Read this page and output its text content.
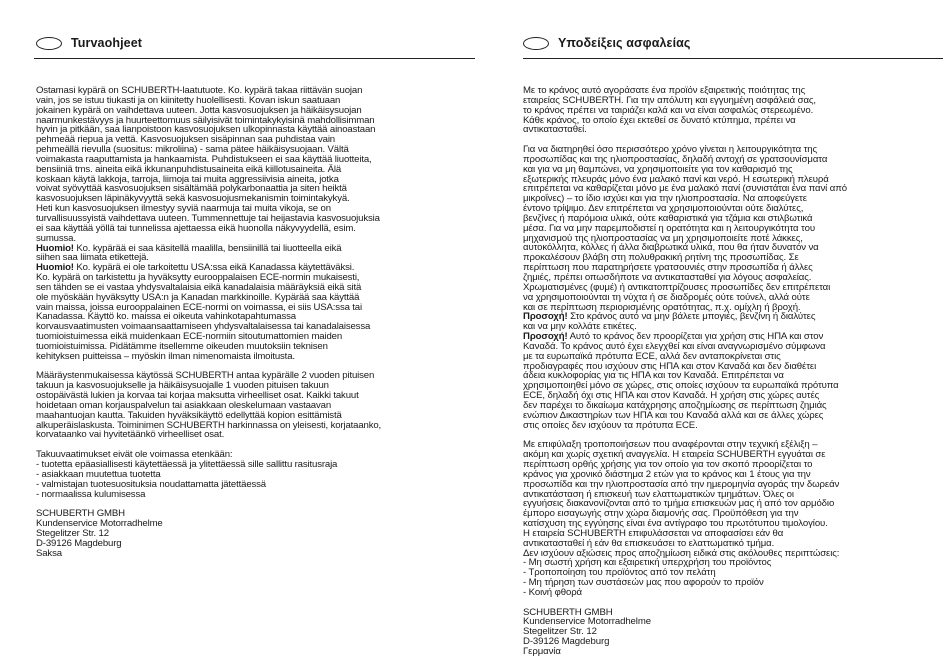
Turvaohjeet
Ostamasi kypärä on SCHUBERTH-laatutuote. Ko. kypärä takaa riittävän suojan
vain, jos se istuu tiukasti ja on kiinitetty huolellisesti. Kovan iskun saatuaan
jokainen kypärä on vaihdettava uuteen. Jotta kasvosuojuksen ja häikäisysuojan
naarmunkestävyys ja huurteettomuus säilyisivät toimintakykyisinä mahdollisimman
hyvin ja pitkään, saa lianpoistoon kasvosuojuksen ulkopinnasta käyttää ainoastaan
pehmeää riepua ja vettä. Kasvosuojuksen sisäpinnan saa puhdistaa vain
pehmeällä rievulla (suositus: mikroliina) - sama pätee häikäisysuojaan. Vältä
voimakasta raaputtamista ja hankaamista. Puhdistukseen ei saa käyttää liuotteita,
bensiiniä tms. aineita eikä ikkunanpuhdistusaineita eikä kiillotusaineita. Älä
koskaan käytä lakkoja, tarroja, liimoja tai muita aggressiivisia aineita, jotka
voivat syövyttää kasvosuojuksen sisältämää polykarbonaattia ja siten heiktä
kasvosuojuksen läpinäkyvyyttä sekä kasvosuojusmekanismin toimintakykyä.
Heti kun kasvosuojuksen ilmestyy syviä naarmuja tai muita vikoja, se on
turvallisuussyistä vaihdettava uuteen. Tummennettuje tai heijastavia kasvosuojuksia
ei saa käyttää yöllä tai tunnelissa ajettaessa eikä huonolla näkyvyydellä, esim.
sumussa.
Huomio! Ko. kypärää ei saa käsitellä maalilla, bensiinillä tai liuotteella eikä
siihen saa liimata etikettejä.
Huomio! Ko. kypärä ei ole tarkoitettu USA:ssa eikä Kanadassa käytettäväksi.
Ko. kypärä on tarkistettu ja hyväksytty eurooppalaisen ECE-normin mukaisesti,
sen tähden se ei vastaa yhdysvaltalaisia eikä kanadalaisia määräyksiä eikä sitä
ole myöskään hyväksytty USA:n ja Kanadan markkinoille. Kypärää saa käyttää
vain maissa, joissa eurooppalainen ECE-normi on voimassa, ei siis USA:ssa tai
Kanadassa. Käyttö ko. maissa ei oikeuta vahinkotapahtumassa
korvausvaatimusten voimaansaattamiseen yhdysvaltalaisessa tai kanadalaisessa
tuomioistuimessa eikä muidenkaan ECE-normiin sitoutumattomien maiden
tuomioistuimissa. Pidätämme itsellemme oikeuden muutoksiin teknisen
kehityksen puitteissa – myöskin ilman nimenomaista ilmoitusta.
Määräystenmukaisessa käytössä SCHUBERTH antaa kypärälle 2 vuoden pituisen
takuun ja kasvosuojukselle ja häikäisysuojalle 1 vuoden pituisen takuun
ostopäivästä lukien ja korvaa tai korjaa maksutta virheelliset osat. Kaikki takuut
hoidetaan oman korjauspalvelun tai asiakkaan oleskelumaan vastaavan
maahantuojan kautta. Takuiden hyväksikäyttö edellyttää kopion esittämistä
alkuperäislaskusta. Toiminimen SCHUBERTH harkinnassa on yleisesti, korjataanko,
korvataanko vai hyvitetäänkö virheelliset osat.
Takuuvaatimukset eivät ole voimassa etenkään:
- tuotetta epäasiallisesti käytettäessä ja ylitettäessä sille sallittu rasitusraja
- asiakkaan muutettua tuotetta
- valmistajan tuotesuosituksia noudattamatta jätettäessä
- normaalissa kulumisessa
SCHUBERTH GMBH
Kundenservice Motorradhelme
Stegelitzer Str. 12
D-39126 Magdeburg
Saksa
Υποδείξεις ασφαλείας
Με το κράνος αυτό αγοράσατε ένα προϊόν εξαιρετικής ποιότητας της
εταιρείας SCHUBERTH. Για την απόλυτη και εγγυημένη ασφάλειά σας,
το κράνος πρέπει να ταιριάζει καλά και να είναι ασφαλώς στερεωμένο.
Κάθε κράνος, το οποίο έχει εκτεθεί σε δυνατό κτύπημα, πρέπει να
αντικατασταθεί.
Για να διατηρηθεί όσο περισσότερο χρόνο γίνεται η λειτουργικότητα της
προσωπίδας και της ηλιοπροστασίας, δηλαδή αντοχή σε γρατσουνίσματα
και για να μη θαμπώνει, να χρησιμοποιείτε για τον καθαρισμό της
εξωτερικής πλευράς μόνο ένα μαλακό πανί και νερό. Η εσωτερική πλευρά
επιτρέπεται να καθαρίζεται μόνο με ένα μαλακό πανί (συνιστάται ένα πανί από
μικροΐνες) – το ίδιο ισχύει και για την ηλιοπροστασία. Να αποφεύγετε
έντονο τρίψιμο. Δεν επιτρέπεται να χρησιμοποιούνται ούτε διαλύτες,
βενζίνες ή παρόμοια υλικά, ούτε καθαριστικά για τζάμια και στιλβωτικά
μέσα. Για να μην παρεμποδιστεί η ορατότητα και η λειτουργικότητα του
μηχανισμού της ηλιοπροστασίας να μη χρησιμοποιείτε ποτέ λάκκες,
αυτοκόλλητα, κόλλες ή άλλα διαβρωτικά υλικά, που θα ήταν δυνατόν να
προκαλέσουν βλάβη στη πολυθρακική ρητίνη της προσωπίδας. Σε
περίπτωση που παρατηρήσετε γρατσουνιές στην προσωπίδα ή άλλες
ζημιές, πρέπει οπωσδήποτε να αντικατασταθεί για λόγους ασφαλείας.
Χρωματισμένες (φυμέ) ή αντικατοπτρίζουσες προσωπίδες δεν επιτρέπεται
να χρησιμοποιούνται τη νύχτα ή σε διαδρομές ούτε τούνελ, αλλά ούτε
και σε περίπτωση περιορισμένης ορατότητας, π.χ. ομίχλη ή βροχή.
Προσοχή! Στο κράνος αυτό να μην βάλετε μπογιές, βενζίνη ή διαλύτες
και να μην κολλάτε ετικέτες.
Προσοχή! Αυτό το κράνος δεν προορίζεται για χρήση στις ΗΠΑ και στον
Καναδά. Το κράνος αυτό έχει ελεγχθεί και είναι αναγνωρισμένο σύμφωνα
με τα ευρωπαϊκά πρότυπα ECE, αλλά δεν ανταποκρίνεται στις
προδιαγραφές που ισχύουν στις ΗΠΑ και στον Καναδά και δεν διαθέτει
άδεια κυκλοφορίας για τις ΗΠΑ και τον Καναδά. Επιτρέπεται να
χρησιμοποιηθεί μόνο σε χώρες, στις οποίες ισχύουν τα ευρωπαϊκά πρότυπα
ECE, δηλαδή όχι στις ΗΠΑ και στον Καναδά. Η χρήση στις χώρες αυτές
δεν παρέχει το δικαίωμα κατάχρησης αποζημίωσης σε περίπτωση ζημιάς
ενώπιον Δικαστηρίων των ΗΠΑ και του Καναδά αλλά και σε άλλες χώρες
στις οποίες δεν ισχύουν τα πρότυπα ECE.
Με επιφύλαξη τροποποιήσεων που αναφέρονται στην τεχνική εξέλιξη –
ακόμη και χωρίς σχετική αναγγελία. Η εταιρεία SCHUBERTH εγγυάται σε
περίπτωση ορθής χρήσης για τον οποίο για τον σκοπό προορίζεται το
κράνος για χρονικό διάστημα 2 ετών για το κράνος και 1 έτους για την
προσωπίδα και την ηλιοπροστασία από την ημερομηνία αγοράς την δωρεάν
αντικατάσταση ή επισκευή των ελαττωματικών τμημάτων. Όλες οι
εγγυήσεις διακανονίζονται από το τμήμα επισκευών μας ή από τον αρμόδιο
έμπορο εισαγωγής στην χώρα διαμονής σας. Προϋπόθεση για την
κατίσχυση της εγγύησης είναι ένα αντίγραφο του πρωτότυπου τιμολογίου.
Η εταιρεία SCHUBERTH επιφυλάσσεται να αποφασίσει εάν θα
αντικατασταθεί ή εάν θα επισκευάσει το ελαττωματικό τμήμα.
Δεν ισχύουν αξιώσεις προς αποζημίωση ειδικά στις ακόλουθες περιπτώσεις:
- Μη σωστή χρήση και εξαιρετική υπερχρήση του προϊόντος
- Τροποποίηση του προϊόντος από τον πελάτη
- Μη τήρηση των συστάσεών μας που αφορούν το προϊόν
- Κοινή φθορά
SCHUBERTH GMBH
Kundenservice Motorradhelme
Stegelitzer Str. 12
D-39126 Magdeburg
Γερμανία
